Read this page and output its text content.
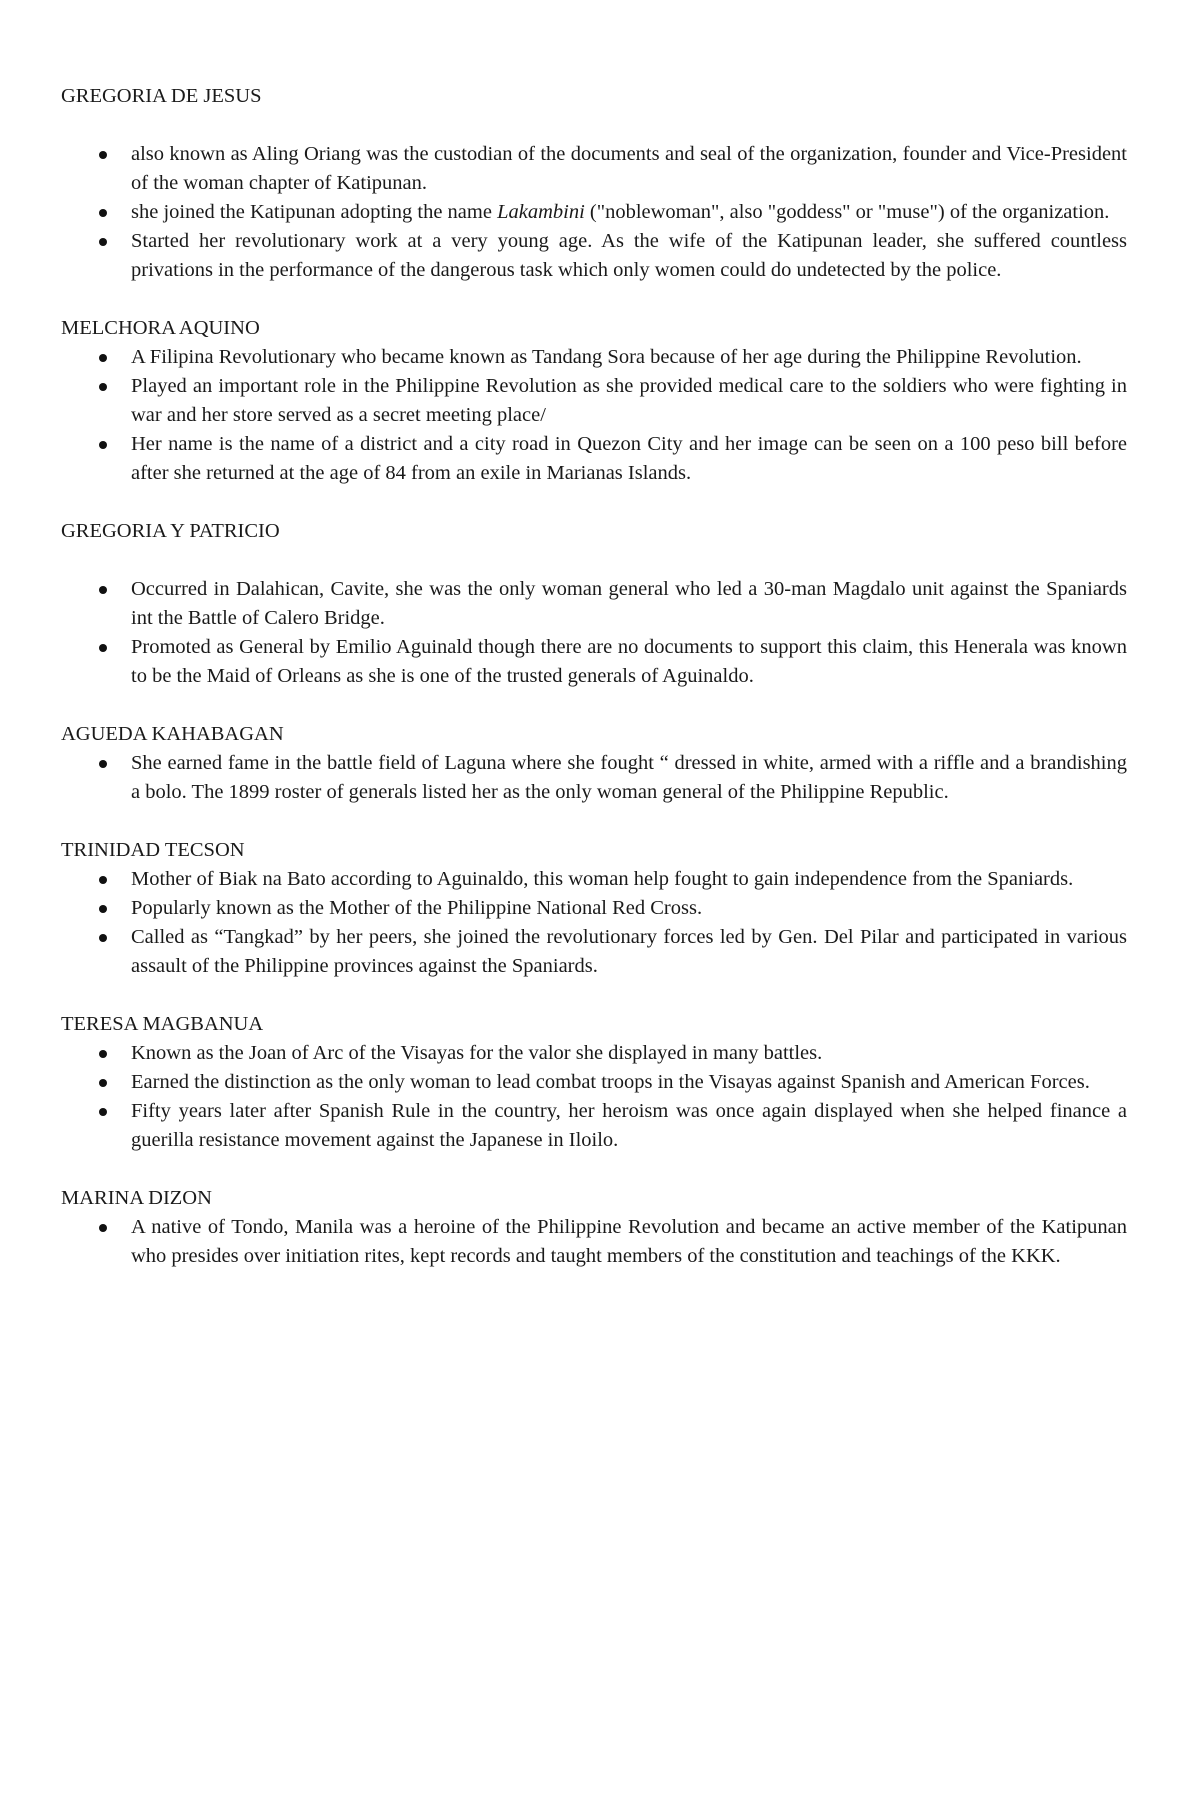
GREGORIA DE JESUS
also known as Aling Oriang was the custodian of the documents and seal of the organization, founder and Vice-President of the woman chapter of Katipunan.
she joined the Katipunan adopting the name Lakambini ("noblewoman", also "goddess" or "muse") of the organization.
Started her revolutionary work at a very young age. As the wife of the Katipunan leader, she suffered countless privations in the performance of the dangerous task which only women could do undetected by the police.
MELCHORA AQUINO
A Filipina Revolutionary who became known as Tandang Sora because of her age during the Philippine Revolution.
Played an important role in the Philippine Revolution as she provided medical care to the soldiers who were fighting in war and her store served as a secret meeting place/
Her name is the name of a district and a city road in Quezon City and her image can be seen on a 100 peso bill before after she returned at the age of 84 from an exile in Marianas Islands.
GREGORIA Y PATRICIO
Occurred in Dalahican, Cavite, she was the only woman general who led a 30-man Magdalo unit against the Spaniards int the Battle of Calero Bridge.
Promoted as General by Emilio Aguinald though there are no documents to support this claim, this Henerala was known to be the Maid of Orleans as she is one of the trusted generals of Aguinaldo.
AGUEDA KAHABAGAN
She earned fame in the battle field of Laguna where she fought “ dressed in white, armed with a riffle and a brandishing a bolo. The 1899 roster of generals listed her as the only woman general of the Philippine Republic.
TRINIDAD TECSON
Mother of Biak na Bato according to Aguinaldo, this woman help fought to gain independence from the Spaniards.
Popularly known as the Mother of the Philippine National Red Cross.
Called as “Tangkad” by her peers, she joined the revolutionary forces led by Gen. Del Pilar and participated in various assault of the Philippine provinces against the Spaniards.
TERESA MAGBANUA
Known as the Joan of Arc of the Visayas for the valor she displayed in many battles.
Earned the distinction as the only woman to lead combat troops in the Visayas against Spanish and American Forces.
Fifty years later after Spanish Rule in the country, her heroism was once again displayed when she helped finance a guerilla resistance movement against the Japanese in Iloilo.
MARINA DIZON
A native of Tondo, Manila was a heroine of the Philippine Revolution and became an active member of the Katipunan who presides over initiation rites, kept records and taught members of the constitution and teachings of the KKK.
